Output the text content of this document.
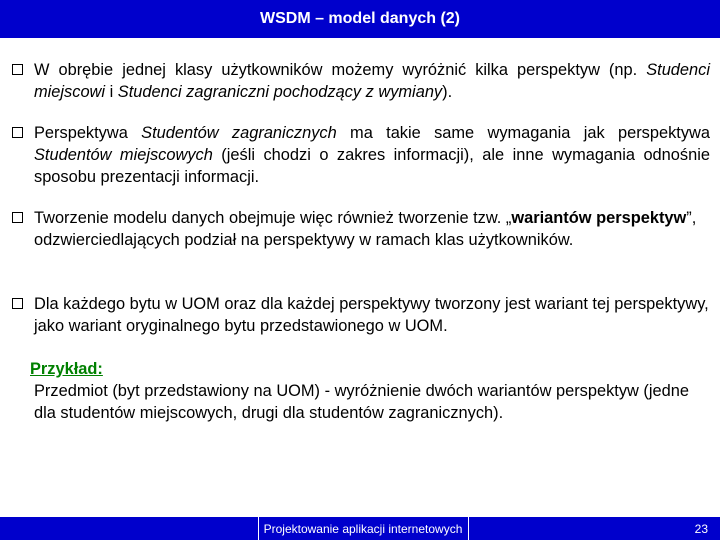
WSDM – model danych (2)
W obrębie jednej klasy użytkowników możemy wyróżnić kilka perspektyw (np. Studenci miejscowi i Studenci zagraniczni pochodzący z wymiany).
Perspektywa Studentów zagranicznych ma takie same wymagania jak perspektywa Studentów miejscowych (jeśli chodzi o zakres informacji), ale inne wymagania odnośnie sposobu prezentacji informacji.
Tworzenie modelu danych obejmuje więc również tworzenie tzw. „wariantów perspektyw”, odzwierciedlających podział na perspektywy w ramach klas użytkowników.
Dla każdego bytu w UOM oraz dla każdej perspektywy tworzony jest wariant tej perspektywy, jako wariant oryginalnego bytu przedstawionego w UOM.
Przykład:
Przedmiot (byt przedstawiony na UOM) - wyróżnienie dwóch wariantów perspektyw (jedne dla studentów miejscowych, drugi dla studentów zagranicznych).
Projektowanie aplikacji internetowych	23
